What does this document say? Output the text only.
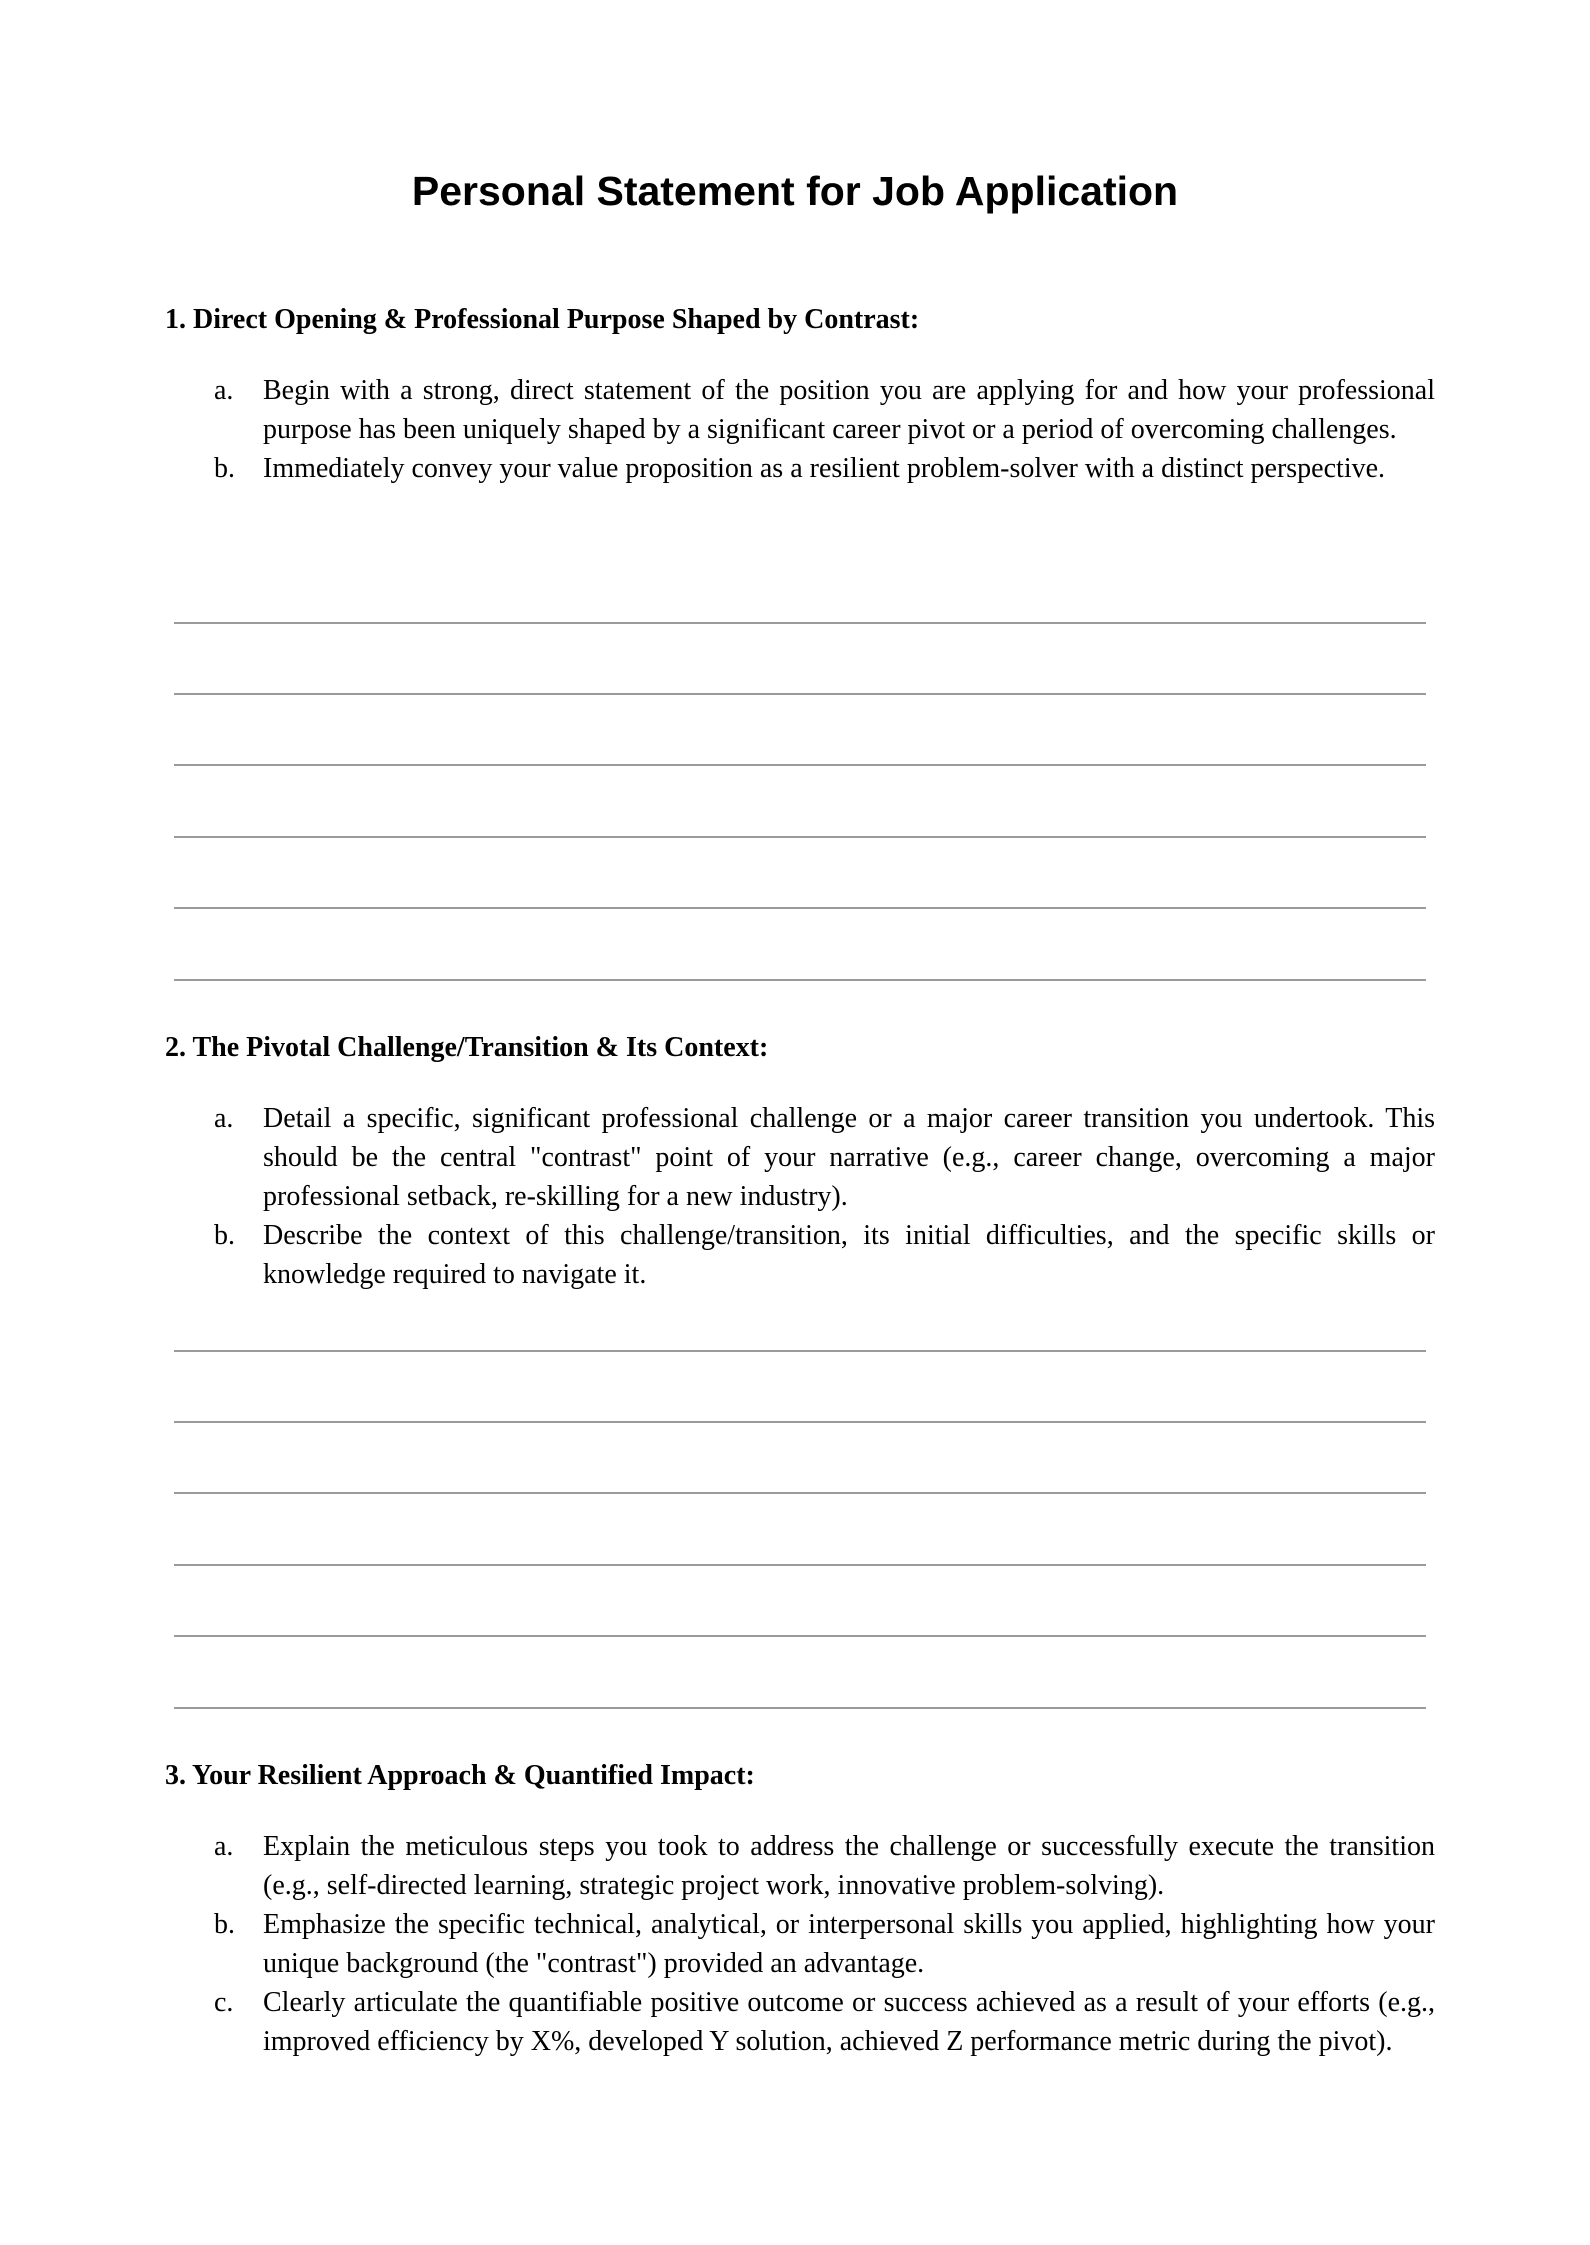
Personal Statement for Job Application

1. Direct Opening & Professional Purpose Shaped by Contrast:

a. Begin with a strong, direct statement of the position you are applying for and how your professional purpose has been uniquely shaped by a significant career pivot or a period of overcoming challenges.
b. Immediately convey your value proposition as a resilient problem-solver with a distinct perspective.

2. The Pivotal Challenge/Transition & Its Context:

a. Detail a specific, significant professional challenge or a major career transition you undertook. This should be the central "contrast" point of your narrative (e.g., career change, overcoming a major professional setback, re-skilling for a new industry).
b. Describe the context of this challenge/transition, its initial difficulties, and the specific skills or knowledge required to navigate it.

3. Your Resilient Approach & Quantified Impact:

a. Explain the meticulous steps you took to address the challenge or successfully execute the transition (e.g., self-directed learning, strategic project work, innovative problem-solving).
b. Emphasize the specific technical, analytical, or interpersonal skills you applied, highlighting how your unique background (the "contrast") provided an advantage.
c. Clearly articulate the quantifiable positive outcome or success achieved as a result of your efforts (e.g., improved efficiency by X%, developed Y solution, achieved Z performance metric during the pivot).
